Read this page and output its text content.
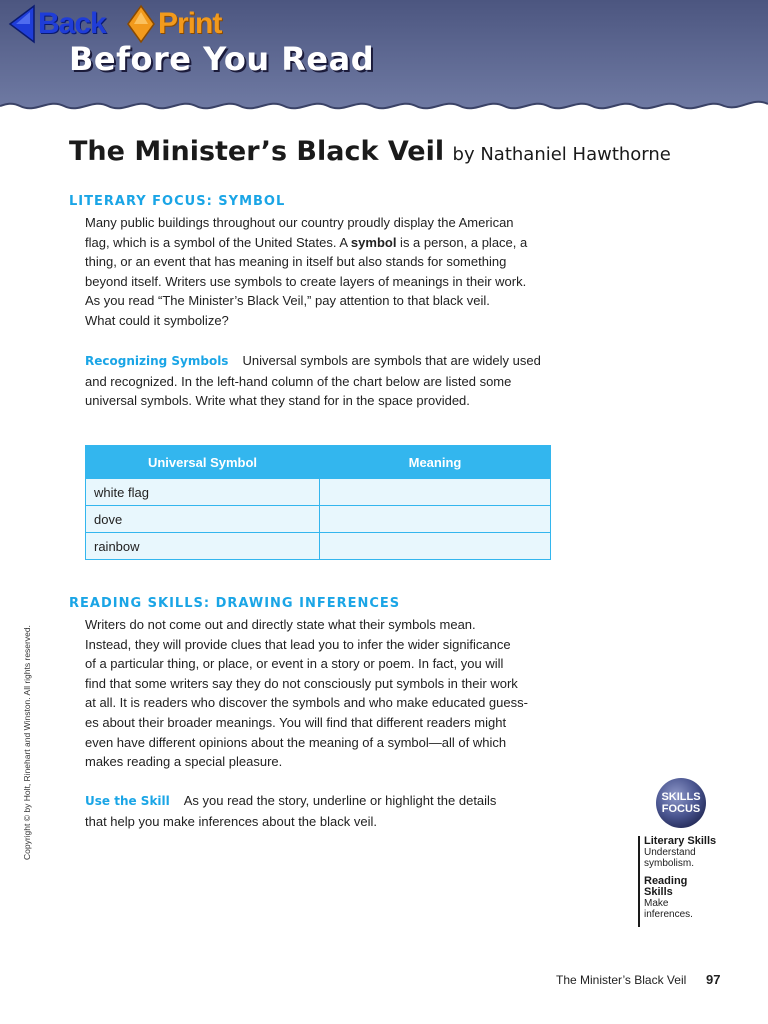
Back Print
Before You Read
The Minister’s Black Veil by Nathaniel Hawthorne
LITERARY FOCUS: SYMBOL
Many public buildings throughout our country proudly display the American
flag, which is a symbol of the United States. A symbol is a person, a place, a
thing, or an event that has meaning in itself but also stands for something
beyond itself. Writers use symbols to create layers of meanings in their work.
As you read “The Minister’s Black Veil,” pay attention to that black veil.
What could it symbolize?
Recognizing Symbols Universal symbols are symbols that are widely used
and recognized. In the left-hand column of the chart below are listed some
universal symbols. Write what they stand for in the space provided.
Universal Symbol	Meaning
white flag	
dove	
rainbow	
READING SKILLS: DRAWING INFERENCES
Writers do not come out and directly state what their symbols mean.
Instead, they will provide clues that lead you to infer the wider significance
of a particular thing, or place, or event in a story or poem. In fact, you will
find that some writers say they do not consciously put symbols in their work
at all. It is readers who discover the symbols and who make educated guess-
es about their broader meanings. You will find that different readers might
even have different opinions about the meaning of a symbol—all of which
makes reading a special pleasure.
Use the Skill As you read the story, underline or highlight the details
that help you make inferences about the black veil.
Copyright © by Holt, Rinehart and Winston. All rights reserved.	SKILLS
FOCUS
Literary Skills
Understand
symbolism.
Reading
Skills
Make
inferences.
The Minister’s Black Veil 97
